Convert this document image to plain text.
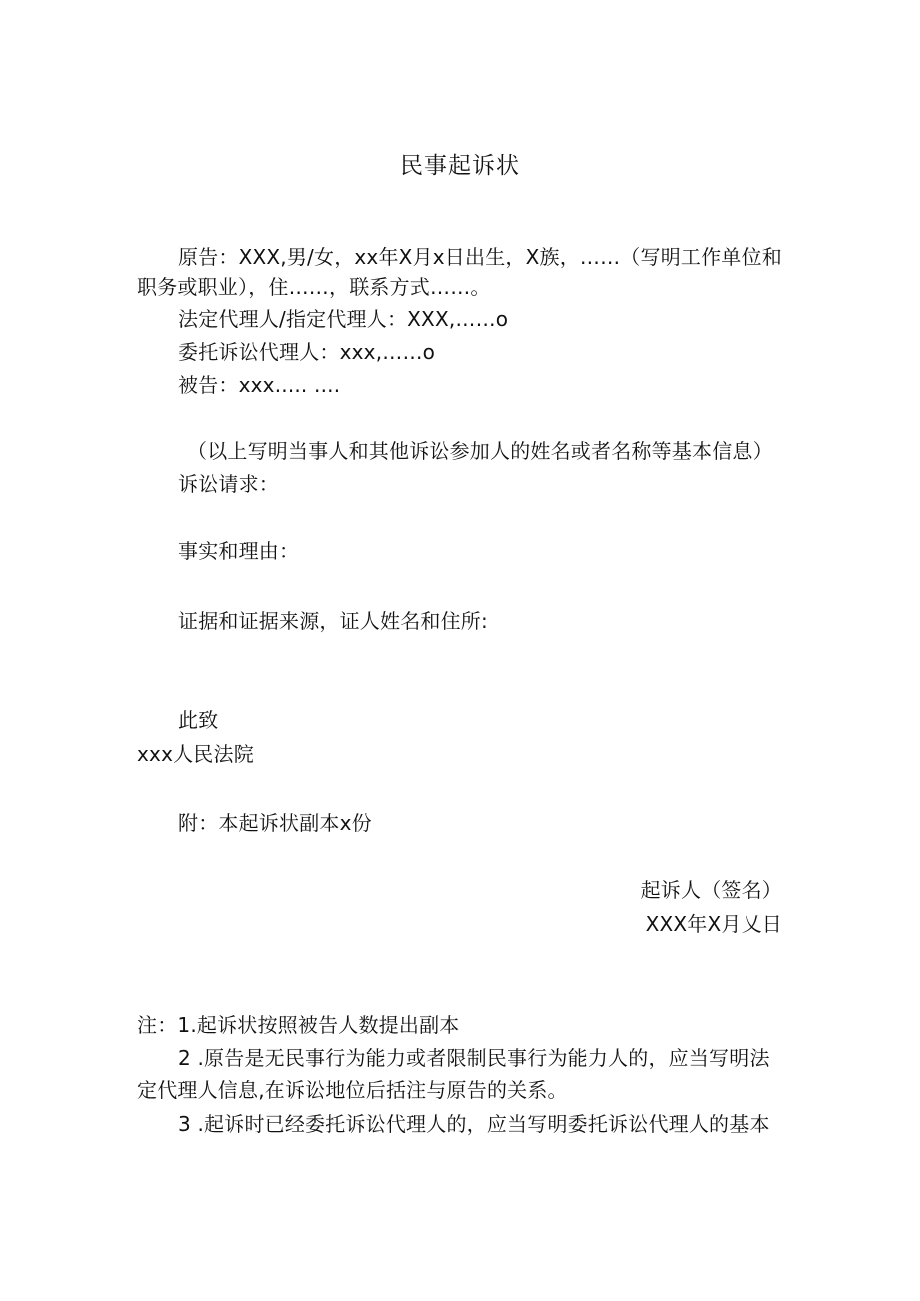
民事起诉状
原告：XXX,男/女，xx年X月x日出生，X族，……（写明工作单位和
职务或职业），住……，联系方式……。
法定代理人/指定代理人：XXX,……o
委托诉讼代理人：xxx,……o
被告：xxx..... ....
（以上写明当事人和其他诉讼参加人的姓名或者名称等基本信息）
诉讼请求：
事实和理由：
证据和证据来源，证人姓名和住所:
此致
xxx人民法院
附：本起诉状副本x份
起诉人（签名）
XXX年X月乂日
注：1.起诉状按照被告人数提出副本
2 .原告是无民事行为能力或者限制民事行为能力人的，应当写明法
定代理人信息,在诉讼地位后括注与原告的关系。
3 .起诉时已经委托诉讼代理人的，应当写明委托诉讼代理人的基本
